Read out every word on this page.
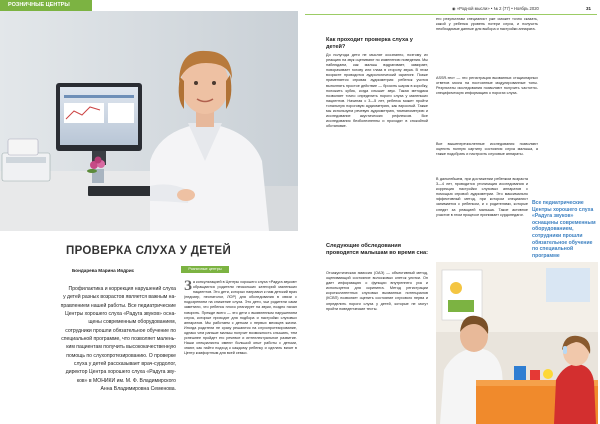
РОЗНИЧНЫЕ ЦЕНТРЫ
◉ «Родной мысли» • № 2 (77) • Ноябрь 2020	31
ПРОВЕРКА СЛУХА У ДЕТЕЙ
Бондарева Марина Ивдрис	Розничные центры
Профилактика и коррекция нарушений слуха
у детей разных возрастов является важным на-
правлением нашей работы. Все педиатрические
Центры хорошего слуха «Радуга звуков» осна-
щены современным оборудованием,
сотрудники прошли обязательное обучение по
специальной программе, что позволяет малень-
ким пациентам получить высококачественную
помощь по слухопротезированию. О проверке
слуха у детей рассказывает врач-сурдолог,
директор Центра хорошего слуха «Радуга зву-
ков» в МОНИКИ им. М. Ф. Владимирского
Анна Владимировна Семенова.
З а консультацией в Центры хорошего слуха «Радуга звуков» обращаются родители нескольких категорий маленьких пациентов. Это дети, которых направил к нам детский врач (педиатр, неонатолог, ЛОР) для обследования в связи с подозрением на снижение слуха. Это дети, чьи родители сами заметили, что ребенок плохо реагирует на звуки, поздно начал говорить. Прежде всего — это дети с выявленным нарушением слуха, которые приходят для подбора и настройки слуховых аппаратов. Мы работаем с детьми с первых месяцев жизни. Иногда родители не сразу решаются на слухопротезирование, однако чем раньше малыш получит возможность слышать, тем успешнее пройдет его речевое и интеллектуальное развитие. Наши специалисты имеют большой опыт работы с детьми, знают, как найти подход к каждому ребенку и сделать визит в Центр комфортным для всей семьи.

Как проходит проверка слуха у детей?

До полугода дети не мыслят осознанно, поэтому их реакцию на звук оценивают по изменению поведения. Мы наблюдаем, как малыш вздрагивает, замирает, поворачивает голову или глаза в сторону звука. В этом возрасте проводится аудиологический скрининг. Позже применяется игровая аудиометрия: ребенок учится выполнять простое действие — бросить шарик в коробку, положить кубик, когда слышит звук. Такая методика позволяет точно определить пороги слуха у маленьких пациентов. Начиная с 3—5 лет, ребенок может пройти тональную пороговую аудиометрию, как взрослый. Также мы используем речевую аудиометрию, тимпанометрию и исследование акустических рефлексов. Все исследования безболезненны и проходят в спокойной обстановке.

Следующие обследования проводятся малышам во время сна:

Отоакустическая эмиссия (ОАЭ) — объективный метод, оценивающий состояние волосковых клеток улитки. Он дает информацию о функции внутреннего уха и используется для скрининга. Метод регистрации коротколатентных слуховых вызванных потенциалов (КСВП) позволяет оценить состояние слухового нерва и определить пороги слуха у детей, которые не могут пройти поведенческие тесты.

его результатам специалист уже сможет точно сказать, какой у ребенка уровень потери слуха, и получить необходимые данные для выбора и настройки аппарата.

ASSR-тест — это регистрация вызванных стационарных ответов мозга на постоянные модулированные тоны. Результаты исследования позволяют получить частотно-специфическую информацию о порогах слуха.

Все вышеперечисленные исследования позволяют оценить полную картину состояния слуха малыша, а также подобрать и настроить слуховые аппараты.

В дальнейшем, при достижении ребенком возраста 3—4 лет, проводится утилизация исследования и коррекция настройки слуховых аппаратов с помощью игровой аудиометрии. Это максимально эффективный метод, при котором специалист занимается с ребенком, и с родителями, которые следят за реакцией малыша. Такое активное участие в этом процессе принимает сурдопедагог.

Все педиатрические Центры хорошего слуха «Радуга звуков» оснащены современным оборудованием, сотрудники прошли обязательное обучение по специальной программе
